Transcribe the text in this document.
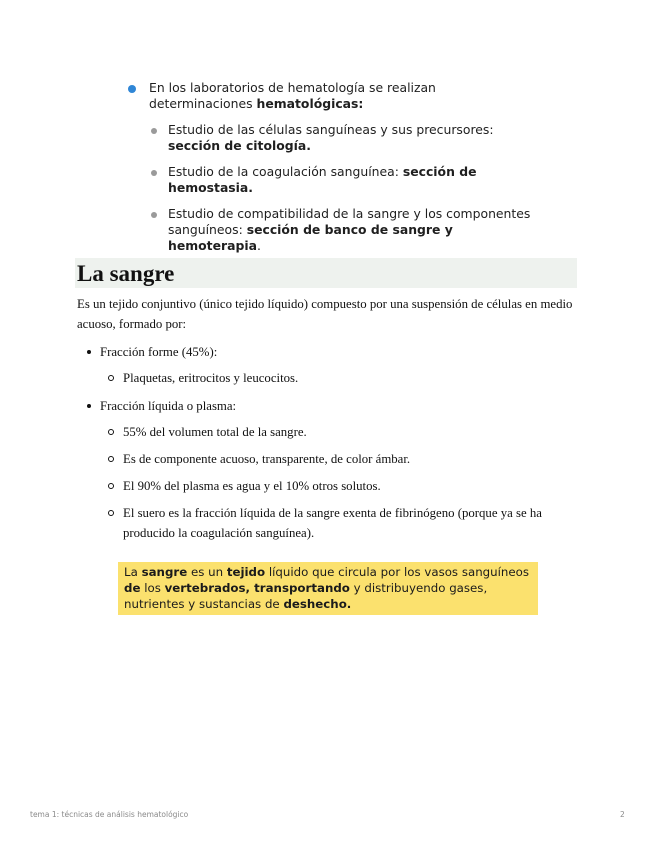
En los laboratorios de hematología se realizan determinaciones hematológicas:
Estudio de las células sanguíneas y sus precursores: sección de citología.
Estudio de la coagulación sanguínea: sección de hemostasia.
Estudio de compatibilidad de la sangre y los componentes sanguíneos: sección de banco de sangre y hemoterapia.
La sangre

Es un tejido conjuntivo (único tejido líquido) compuesto por una suspensión de células en medio acuoso, formado por:

Fracción forme (45%):
Plaquetas, eritrocitos y leucocitos.
Fracción líquida o plasma:
55% del volumen total de la sangre.
Es de componente acuoso, transparente, de color ámbar.
El 90% del plasma es agua y el 10% otros solutos.
El suero es la fracción líquida de la sangre exenta de fibrinógeno (porque ya se ha producido la coagulación sanguínea).
La sangre es un tejido líquido que circula por los vasos sanguíneos de los vertebrados, transportando y distribuyendo gases, nutrientes y sustancias de deshecho.
tema 1: técnicas de análisis hematológico	2
